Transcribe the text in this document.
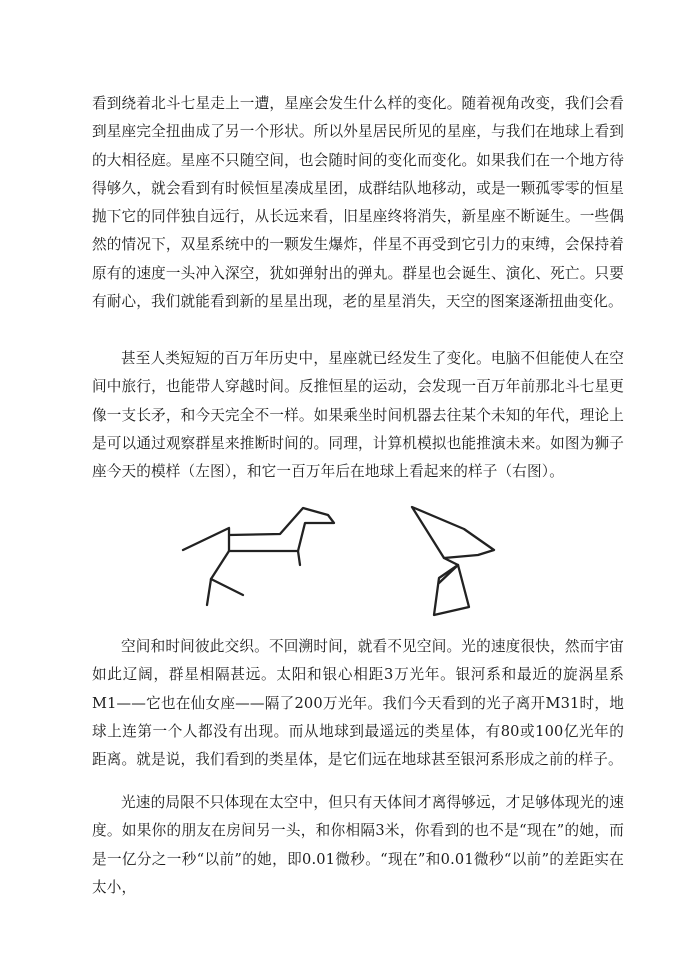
看到绕着北斗七星走上一遭，星座会发生什么样的变化。随着视角改变，我们会看到星座完全扭曲成了另一个形状。所以外星居民所见的星座，与我们在地球上看到的大相径庭。星座不只随空间，也会随时间的变化而变化。如果我们在一个地方待得够久，就会看到有时候恒星凑成星团，成群结队地移动，或是一颗孤零零的恒星抛下它的同伴独自远行，从长远来看，旧星座终将消失，新星座不断诞生。一些偶然的情况下，双星系统中的一颗发生爆炸，伴星不再受到它引力的束缚，会保持着原有的速度一头冲入深空，犹如弹射出的弹丸。群星也会诞生、演化、死亡。只要有耐心，我们就能看到新的星星出现，老的星星消失，天空的图案逐渐扭曲变化。

甚至人类短短的百万年历史中，星座就已经发生了变化。电脑不但能使人在空间中旅行，也能带人穿越时间。反推恒星的运动，会发现一百万年前那北斗七星更像一支长矛，和今天完全不一样。如果乘坐时间机器去往某个未知的年代，理论上是可以通过观察群星来推断时间的。同理，计算机模拟也能推演未来。如图为狮子座今天的模样（左图），和它一百万年后在地球上看起来的样子（右图）。

空间和时间彼此交织。不回溯时间，就看不见空间。光的速度很快，然而宇宙如此辽阔，群星相隔甚远。太阳和银心相距3万光年。银河系和最近的旋涡星系M1——它也在仙女座——隔了200万光年。我们今天看到的光子离开M31时，地球上连第一个人都没有出现。而从地球到最遥远的类星体，有80或100亿光年的距离。就是说，我们看到的类星体，是它们远在地球甚至银河系形成之前的样子。

光速的局限不只体现在太空中，但只有天体间才离得够远，才足够体现光的速度。如果你的朋友在房间另一头，和你相隔3米，你看到的也不是“现在”的她，而是一亿分之一秒“以前”的她，即0.01微秒。“现在”和0.01微秒“以前”的差距实在太小，
